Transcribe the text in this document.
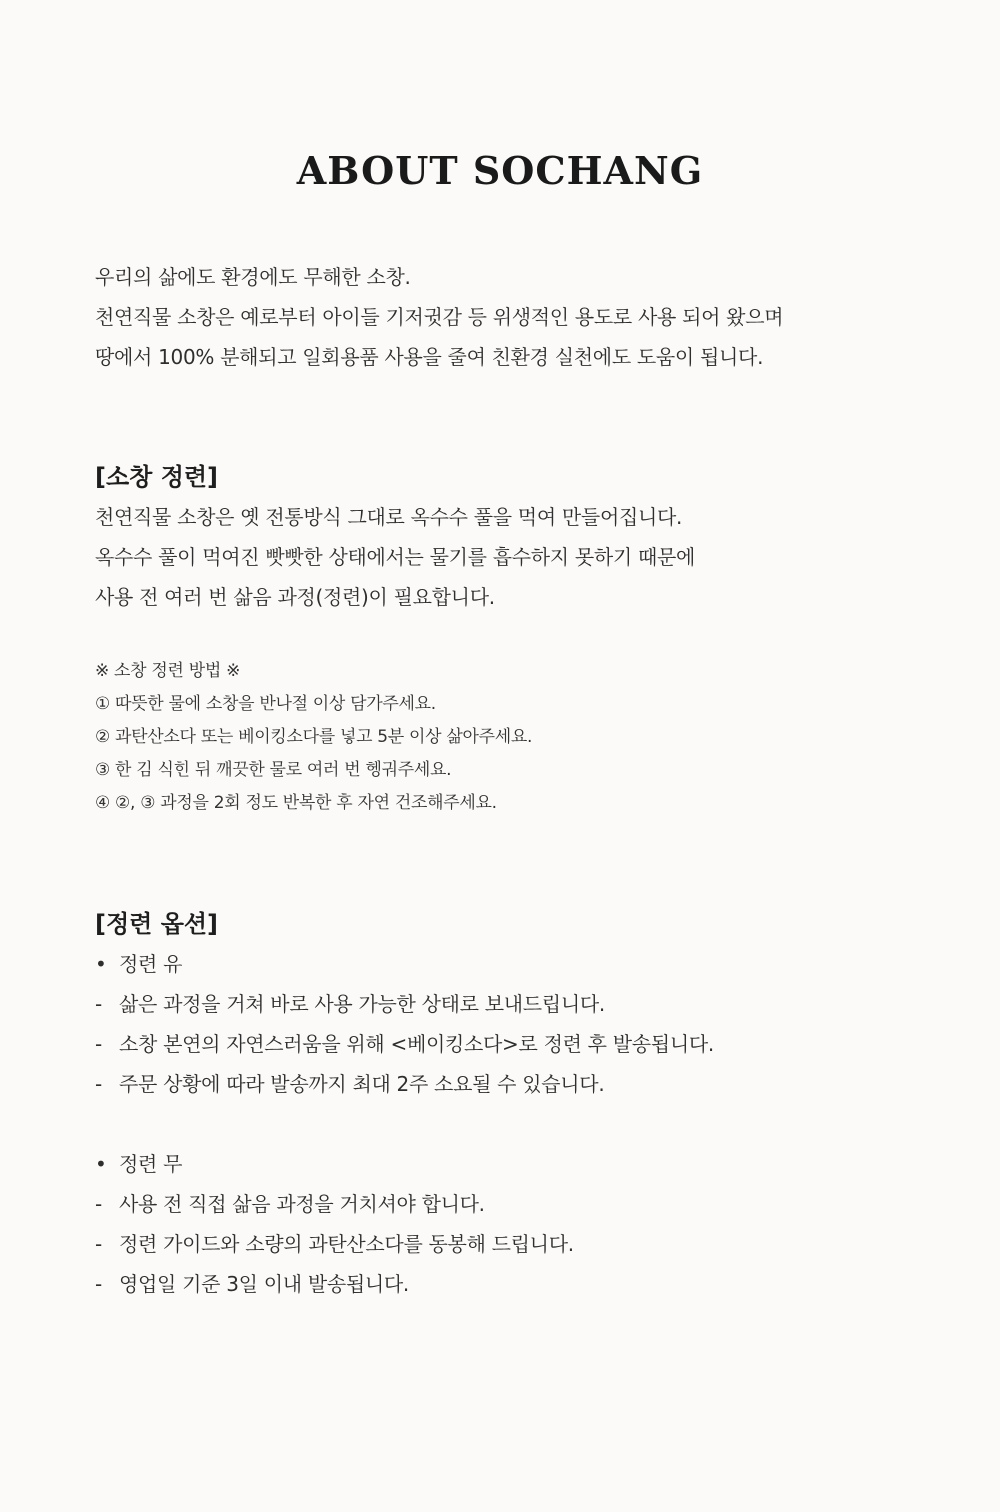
ABOUT SOCHANG
우리의 삶에도 환경에도 무해한 소창.
천연직물 소창은 예로부터 아이들 기저귓감 등 위생적인 용도로 사용 되어 왔으며
땅에서 100% 분해되고 일회용품 사용을 줄여 친환경 실천에도 도움이 됩니다.
[소창 정련]
천연직물 소창은 옛 전통방식 그대로 옥수수 풀을 먹여 만들어집니다.
옥수수 풀이 먹여진 빳빳한 상태에서는 물기를 흡수하지 못하기 때문에
사용 전 여러 번 삶음 과정(정련)이 필요합니다.
※ 소창 정련 방법 ※
① 따뜻한 물에 소창을 반나절 이상 담가주세요.
② 과탄산소다 또는 베이킹소다를 넣고 5분 이상 삶아주세요.
③ 한 김 식힌 뒤 깨끗한 물로 여러 번 헹궈주세요.
④ ②, ③ 과정을 2회 정도 반복한 후 자연 건조해주세요.
[정련 옵션]
• 정련 유
- 삶은 과정을 거쳐 바로 사용 가능한 상태로 보내드립니다.
- 소창 본연의 자연스러움을 위해 <베이킹소다>로 정련 후 발송됩니다.
- 주문 상황에 따라 발송까지 최대 2주 소요될 수 있습니다.
• 정련 무
- 사용 전 직접 삶음 과정을 거치셔야 합니다.
- 정련 가이드와 소량의 과탄산소다를 동봉해 드립니다.
- 영업일 기준 3일 이내 발송됩니다.
